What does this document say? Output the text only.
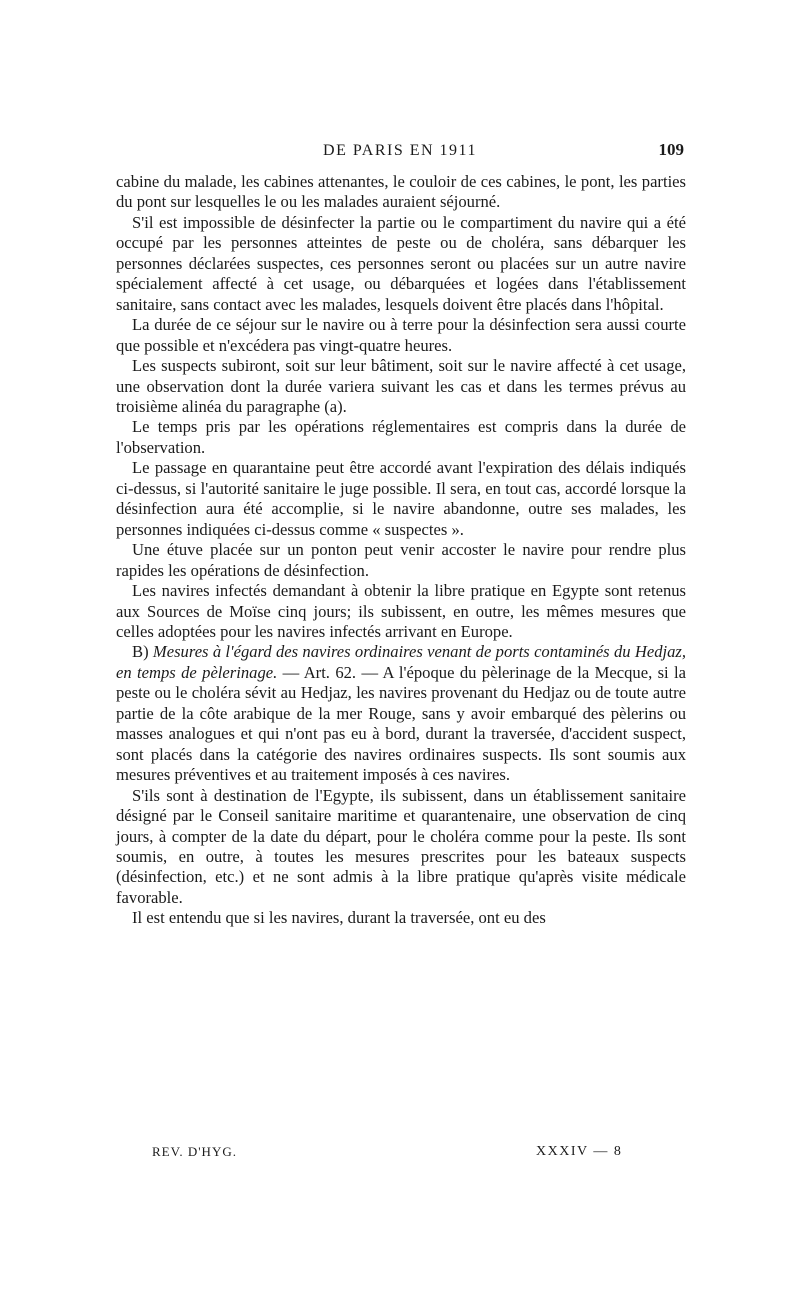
DE PARIS EN 1911	109

cabine du malade, les cabines attenantes, le couloir de ces cabines, le pont, les parties du pont sur lesquelles le ou les malades auraient séjourné.

S'il est impossible de désinfecter la partie ou le compartiment du navire qui a été occupé par les personnes atteintes de peste ou de choléra, sans débarquer les personnes déclarées suspectes, ces personnes seront ou placées sur un autre navire spécialement affecté à cet usage, ou débarquées et logées dans l'établissement sanitaire, sans contact avec les malades, lesquels doivent être placés dans l'hôpital.

La durée de ce séjour sur le navire ou à terre pour la désinfection sera aussi courte que possible et n'excédera pas vingt-quatre heures.

Les suspects subiront, soit sur leur bâtiment, soit sur le navire affecté à cet usage, une observation dont la durée variera suivant les cas et dans les termes prévus au troisième alinéa du paragraphe (a).

Le temps pris par les opérations réglementaires est compris dans la durée de l'observation.

Le passage en quarantaine peut être accordé avant l'expiration des délais indiqués ci-dessus, si l'autorité sanitaire le juge possible. Il sera, en tout cas, accordé lorsque la désinfection aura été accomplie, si le navire abandonne, outre ses malades, les personnes indiquées ci-dessus comme « suspectes ».

Une étuve placée sur un ponton peut venir accoster le navire pour rendre plus rapides les opérations de désinfection.

Les navires infectés demandant à obtenir la libre pratique en Egypte sont retenus aux Sources de Moïse cinq jours; ils subissent, en outre, les mêmes mesures que celles adoptées pour les navires infectés arrivant en Europe.

B) Mesures à l'égard des navires ordinaires venant de ports contaminés du Hedjaz, en temps de pèlerinage. — Art. 62. — A l'époque du pèlerinage de la Mecque, si la peste ou le choléra sévit au Hedjaz, les navires provenant du Hedjaz ou de toute autre partie de la côte arabique de la mer Rouge, sans y avoir embarqué des pèlerins ou masses analogues et qui n'ont pas eu à bord, durant la traversée, d'accident suspect, sont placés dans la catégorie des navires ordinaires suspects. Ils sont soumis aux mesures préventives et au traitement imposés à ces navires.

S'ils sont à destination de l'Egypte, ils subissent, dans un établissement sanitaire désigné par le Conseil sanitaire maritime et quarantenaire, une observation de cinq jours, à compter de la date du départ, pour le choléra comme pour la peste. Ils sont soumis, en outre, à toutes les mesures prescrites pour les bateaux suspects (désinfection, etc.) et ne sont admis à la libre pratique qu'après visite médicale favorable.

Il est entendu que si les navires, durant la traversée, ont eu des

REV. D'HYG.	XXXIV — 8
